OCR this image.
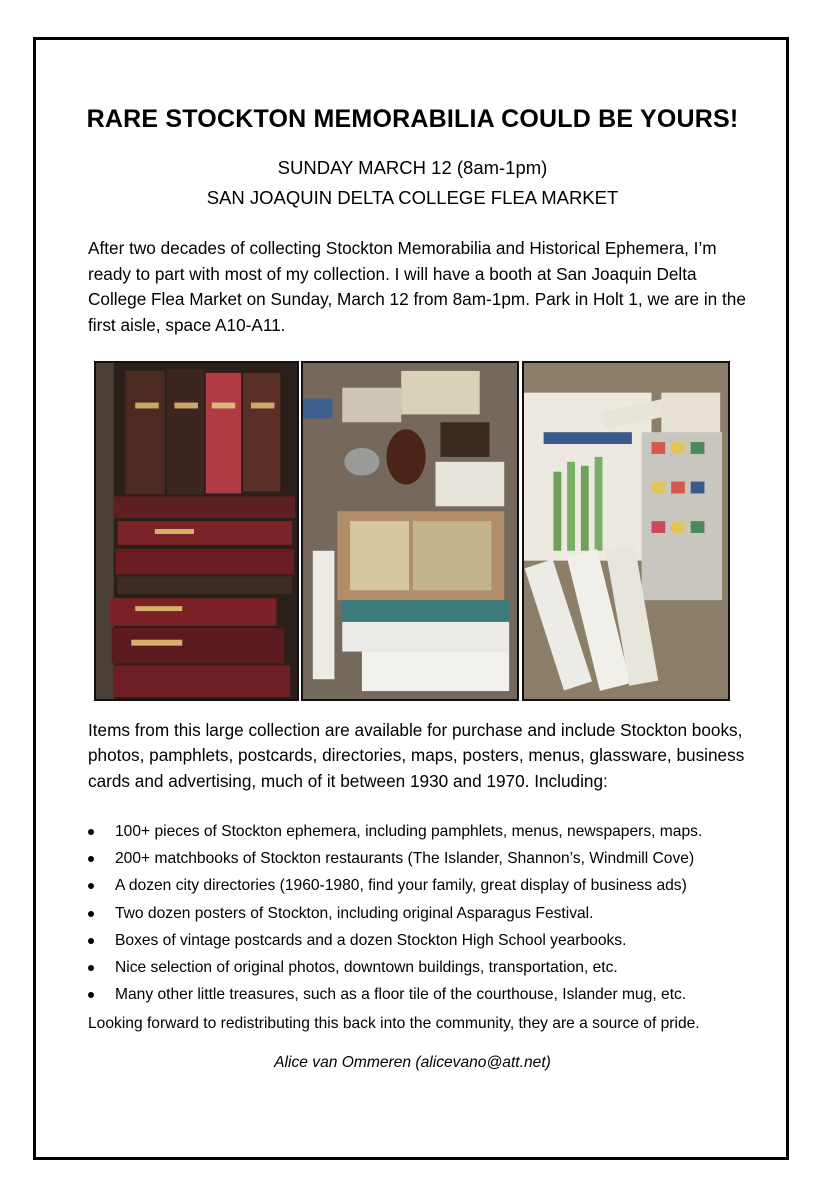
RARE STOCKTON MEMORABILIA COULD BE YOURS!
SUNDAY MARCH 12 (8am-1pm)
SAN JOAQUIN DELTA COLLEGE FLEA MARKET

After two decades of collecting Stockton Memorabilia and Historical Ephemera, I’m ready to part with most of my collection. I will have a booth at San Joaquin Delta College Flea Market on Sunday, March 12 from 8am-1pm. Park in Holt 1, we are in the first aisle, space A10-A11.

Items from this large collection are available for purchase and include Stockton books, photos, pamphlets, postcards, directories, maps, posters, menus, glassware, business cards and advertising, much of it between 1930 and 1970. Including:

100+ pieces of Stockton ephemera, including pamphlets, menus, newspapers, maps.
200+ matchbooks of Stockton restaurants (The Islander, Shannon’s, Windmill Cove)
A dozen city directories (1960-1980, find your family, great display of business ads)
Two dozen posters of Stockton, including original Asparagus Festival.
Boxes of vintage postcards and a dozen Stockton High School yearbooks.
Nice selection of original photos, downtown buildings, transportation, etc.
Many other little treasures, such as a floor tile of the courthouse, Islander mug, etc.
Looking forward to redistributing this back into the community, they are a source of pride.
Alice van Ommeren (alicevano@att.net)
